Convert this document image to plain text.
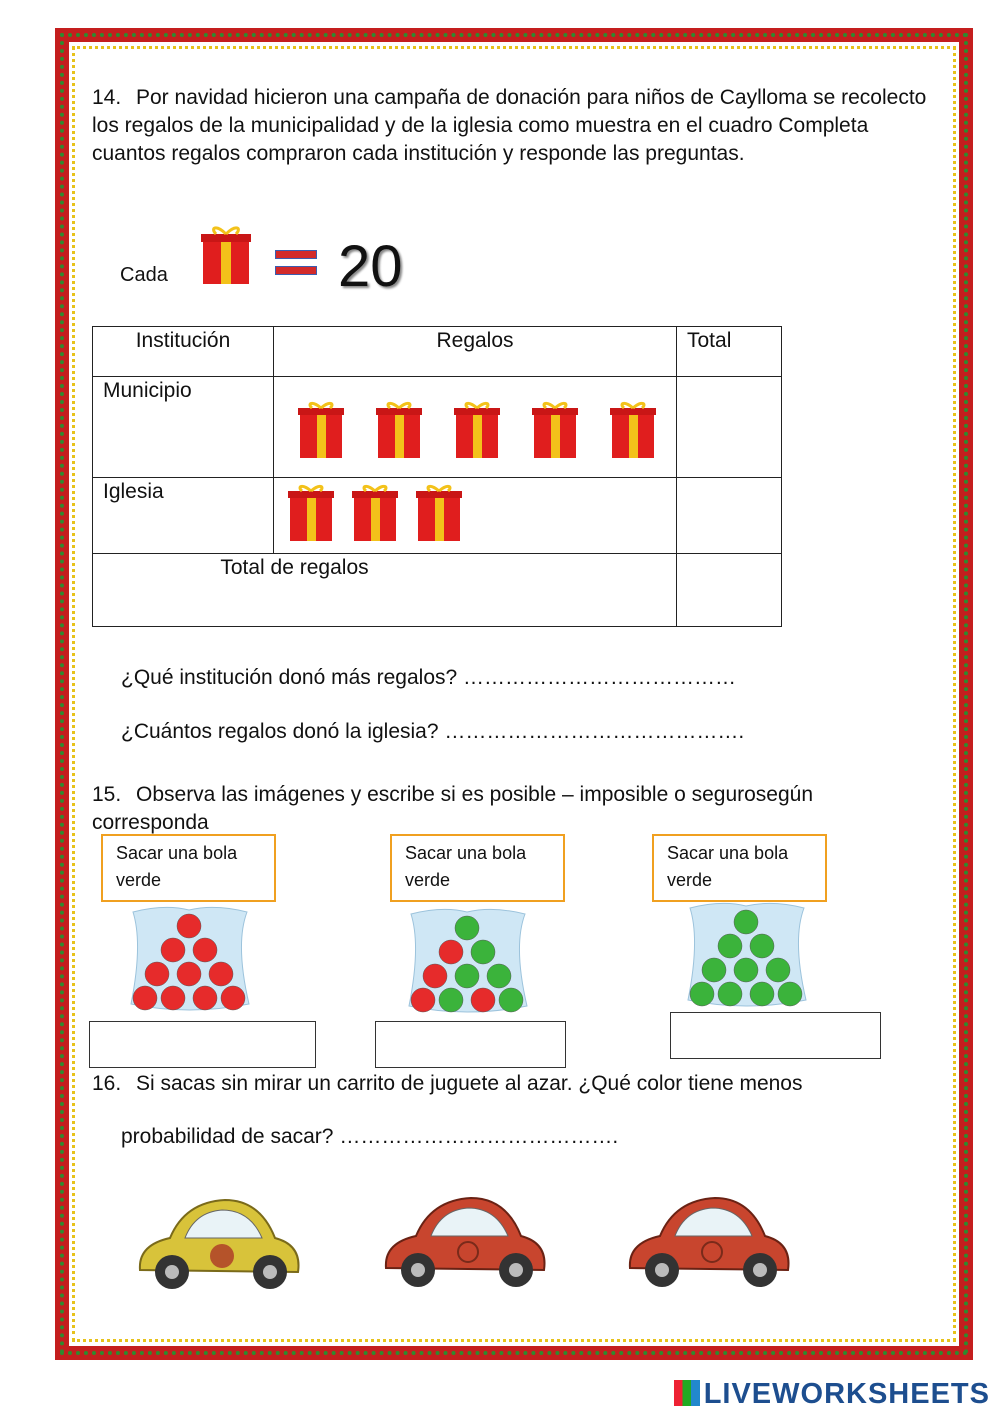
14. Por navidad hicieron una campaña de donación para niños de Caylloma se recolecto los regalos de la municipalidad y de la iglesia como muestra en el cuadro Completa cuantos regalos compraron cada institución y responde las preguntas.
Cada	20
Institución	Regalos	Total
Municipio	

Iglesia	

Total de regalos		
¿Qué institución donó más regalos? …………………………………
¿Cuántos regalos donó la iglesia? …………………………………….
15. Observa las imágenes y escribe si es posible – imposible o segurosegún corresponda
Sacar una bola verde
Sacar una bola verde
Sacar una bola verde
16. Si sacas sin mirar un carrito de juguete al azar. ¿Qué color tiene menos
probabilidad de sacar? ………………………………….
LIVEWORKSHEETS
